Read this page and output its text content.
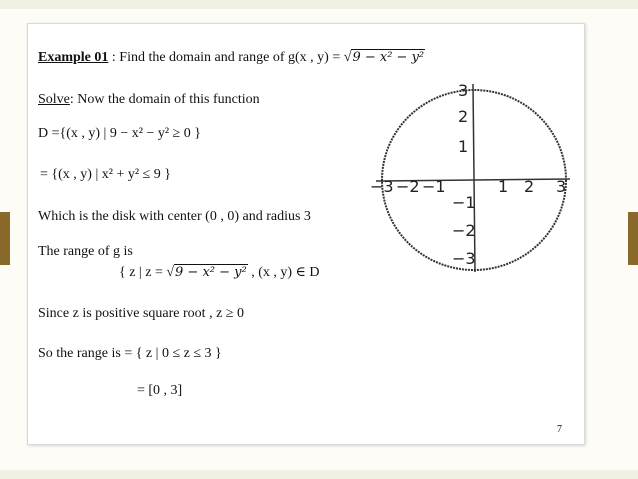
Example 01 : Find the domain and range of g(x , y) = √9 − x² − y²
Solve: Now the domain of this function
D ={(x , y) | 9 − x² − y² ≥ 0 }
= {(x , y) | x² + y² ≤ 9 }
Which is the disk with center (0 , 0) and radius 3
The range of g is
{ z | z = √9 − x² − y² , (x , y) ∈ D
Since z is positive square root , z ≥ 0
So the range is = { z | 0 ≤ z ≤ 3 }
= [0 , 3]
7
−3 −2 −1	1 2 3
3
2
1
−1
−2
−3
